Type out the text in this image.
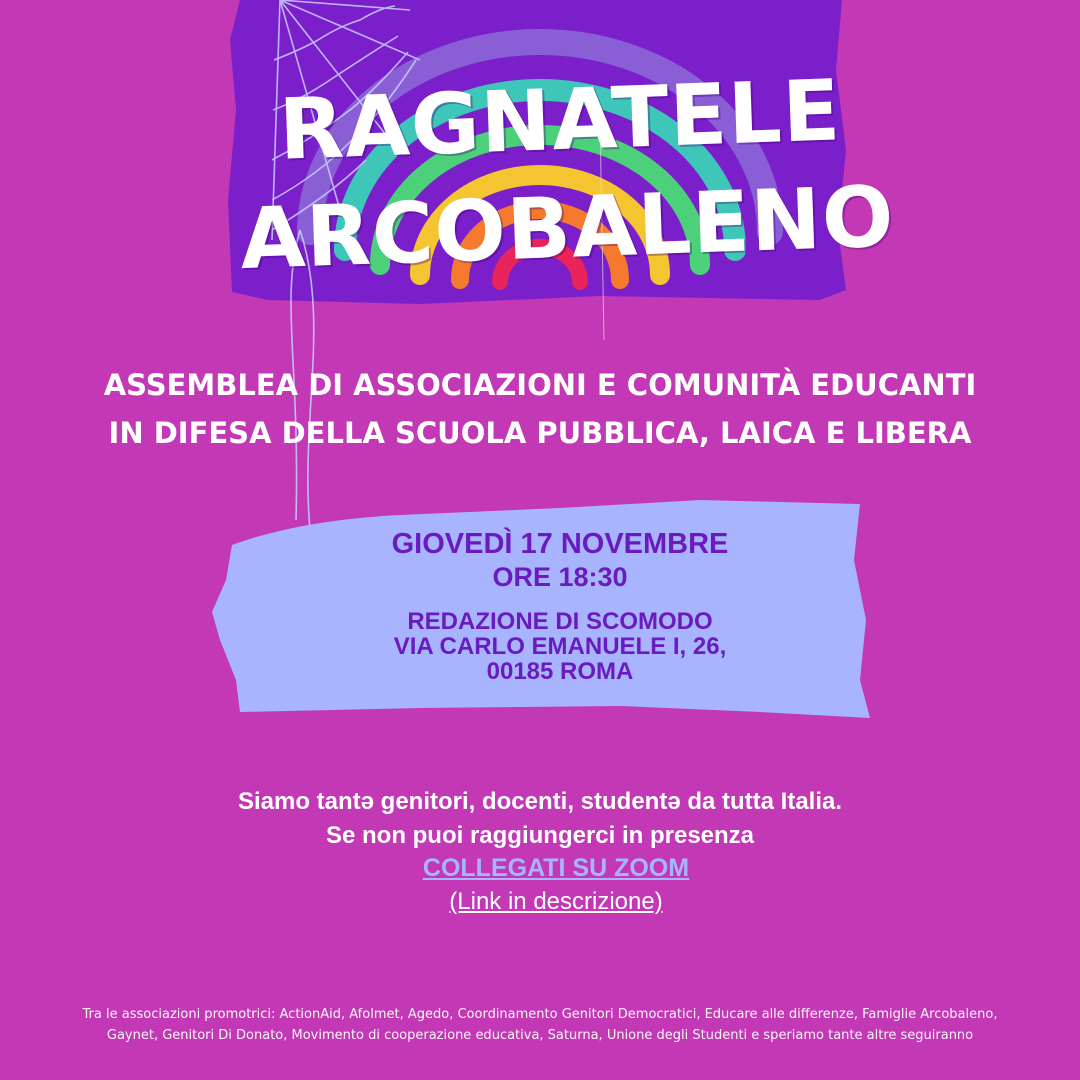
RAGNATELE
ARCOBALENO
ASSEMBLEA DI ASSOCIAZIONI E COMUNITÀ EDUCANTI
IN DIFESA DELLA SCUOLA PUBBLICA, LAICA E LIBERA
GIOVEDÌ 17 NOVEMBRE
ORE 18:30
REDAZIONE DI SCOMODO
VIA CARLO EMANUELE I, 26,
00185 ROMA
Siamo tantə genitori, docenti, studentə da tutta Italia.
Se non puoi raggiungerci in presenza
COLLEGATI SU ZOOM
(Link in descrizione)
Tra le associazioni promotrici: ActionAid, Afolmet, Agedo, Coordinamento Genitori Democratici, Educare alle differenze, Famiglie Arcobaleno,
Gaynet, Genitori Di Donato, Movimento di cooperazione educativa, Saturna, Unione degli Studenti e speriamo tante altre seguiranno
